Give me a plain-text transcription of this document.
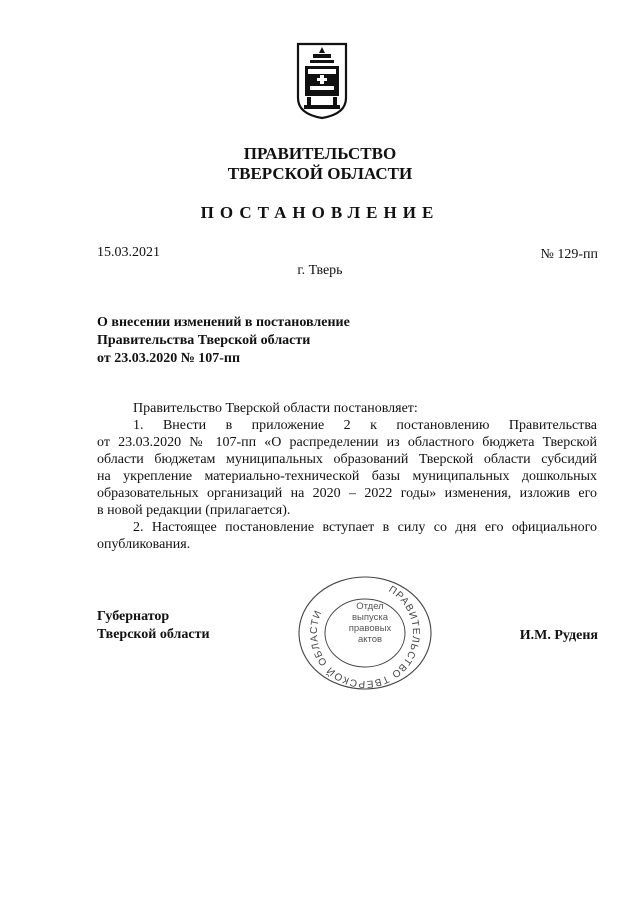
ПРАВИТЕЛЬСТВО
ТВЕРСКОЙ ОБЛАСТИ
ПОСТАНОВЛЕНИЕ
15.03.2021	№ 129-пп
г. Тверь
О внесении изменений в постановление
Правительства Тверской области
от 23.03.2020 № 107-пп

Правительство Тверской области постановляет:

1. Внести в приложение 2 к постановлению Правительства
от 23.03.2020 № 107-пп «О распределении из областного бюджета Тверской
области бюджетам муниципальных образований Тверской области субсидий
на укрепление материально-технической базы муниципальных дошкольных
образовательных организаций на 2020 – 2022 годы» изменения, изложив его
в новой редакции (прилагается).
2. Настоящее постановление вступает в силу со дня его официального
опубликования.
Губернатор
Тверской области	И.М. Руденя
ПРАВИТЕЛЬСТВО ТВЕРСКОЙ ОБЛАСТИ
Отдел
выпуска
правовых
актов
